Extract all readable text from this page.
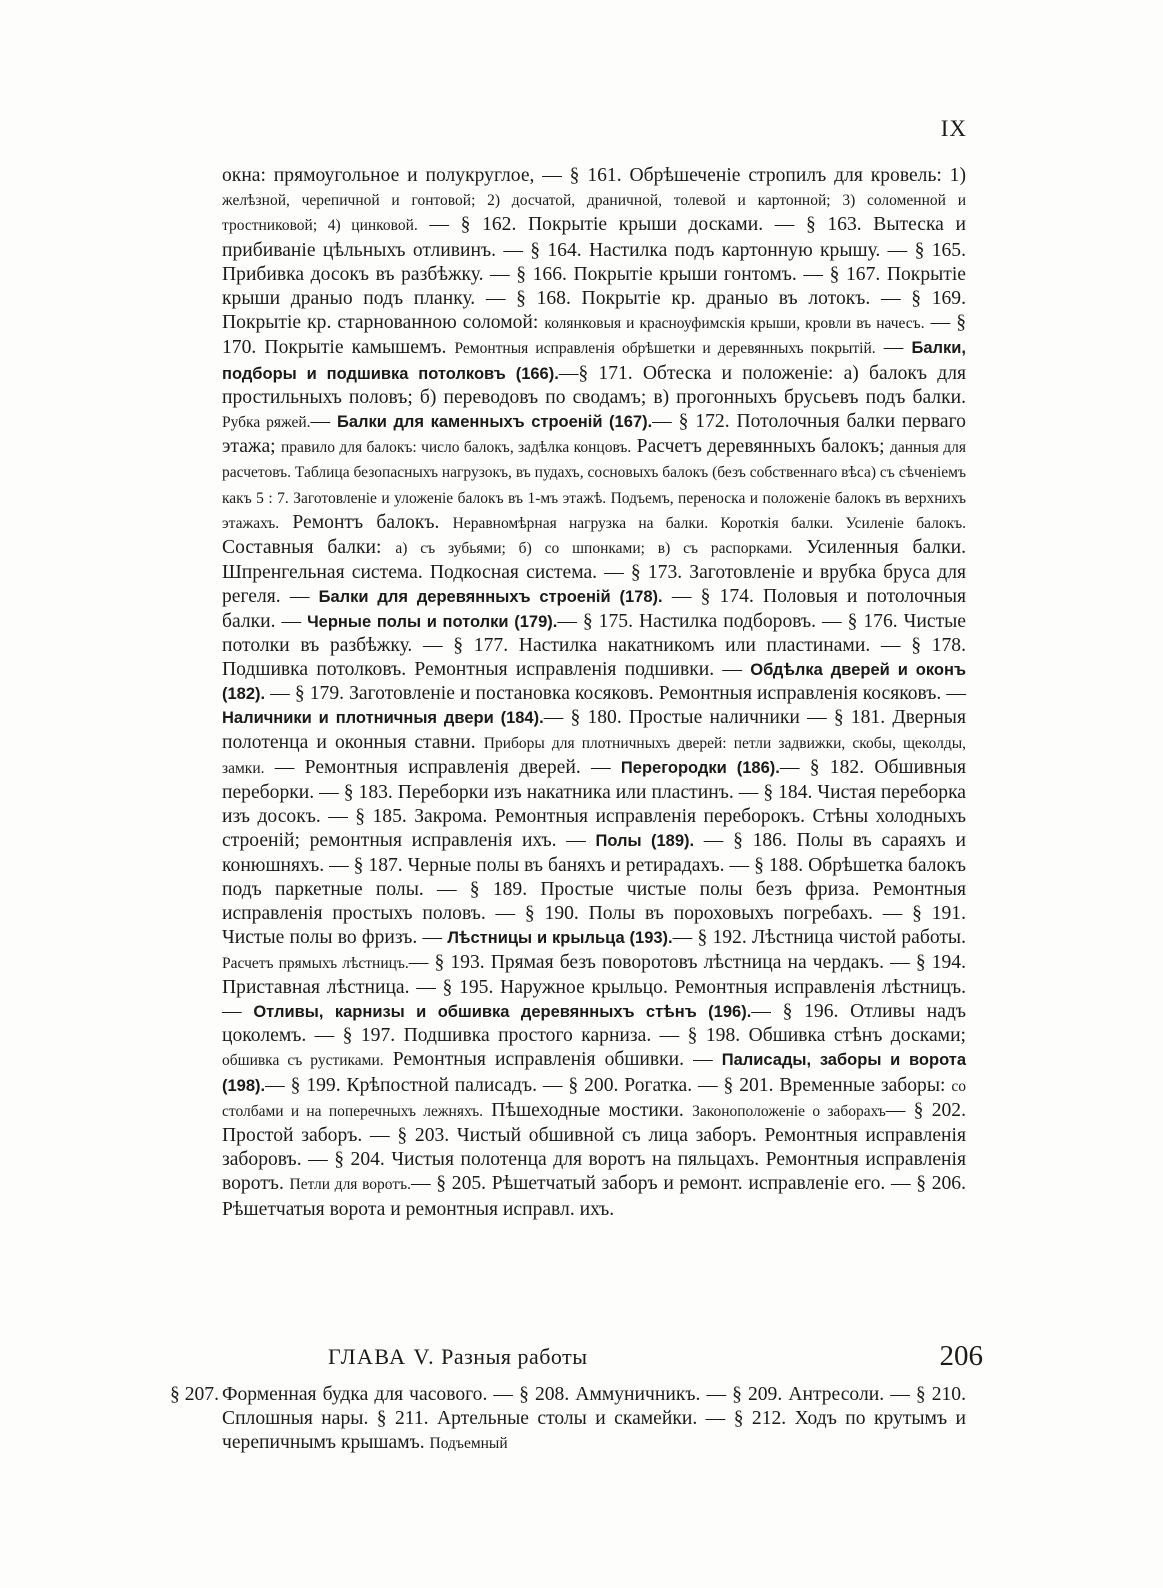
IX
окна: прямоугольное и полукруглое, — § 161. Обрѣшеченіе стропилъ для кровель: 1) желѣзной, черепичной и гонтовой; 2) досчатой, драничной, толевой и картонной; 3) соломенной и тростниковой; 4) цинковой. — § 162. Покрытіе крыши досками. — § 163. Вытеска и прибиваніе цѣльныхъ отливинъ. — § 164. Настилка подъ картонную крышу. — § 165. Прибивка досокъ въ разбѣжку. — § 166. Покрытіе крыши гонтомъ. — § 167. Покрытіе крыши драныо подъ планку. — § 168. Покрытіе кр. драныо въ лотокъ. — § 169. Покрытіе кр. старнованною соломой: колянковыя и красноуфимскія крыши, кровли въ начесъ. — § 170. Покрытіе камышемъ. Ремонтныя исправленія обрѣшетки и деревянныхъ покрытій. — Балки, подборы и подшивка потолковъ (166).—§ 171. Обтеска и положеніе: а) балокъ для простильныхъ половъ; б) переводовъ по сводамъ; в) прогонныхъ брусьевъ подъ балки. Рубка ряжей.— Балки для каменныхъ строеній (167).— § 172. Потолочныя балки перваго этажа; правило для балокъ: число балокъ, задѣлка концовъ. Расчетъ деревянныхъ балокъ; данныя для расчетовъ. Таблица безопасныхъ нагрузокъ, въ пудахъ, сосновыхъ балокъ (безъ собственнаго вѣса) съ сѣченіемъ какъ 5 : 7. Заготовленіе и уложеніе балокъ въ 1-мъ этажѣ. Подъемъ, переноска и положеніе балокъ въ верхнихъ этажахъ. Ремонтъ балокъ. Неравномѣрная нагрузка на балки. Короткія балки. Усиленіе балокъ. Составныя балки: а) съ зубьями; б) со шпонками; в) съ распорками. Усиленныя балки. Шпренгельная система. Подкосная система. — § 173. Заготовленіе и врубка бруса для регеля. — Балки для деревянныхъ строеній (178). — § 174. Половыя и потолочныя балки. — Черные полы и потолки (179).— § 175. Настилка подборовъ. — § 176. Чистые потолки въ разбѣжку. — § 177. Настилка накатникомъ или пластинами. — § 178. Подшивка потолковъ. Ремонтныя исправленія подшивки. — Обдѣлка дверей и оконъ (182). — § 179. Заготовленіе и постановка косяковъ. Ремонтныя исправленія косяковъ. — Наличники и плотничныя двери (184).— § 180. Простые наличники — § 181. Дверныя полотенца и оконныя ставни. Приборы для плотничныхъ дверей: петли задвижки, скобы, щеколды, замки. — Ремонтныя исправленія дверей. — Перегородки (186).— § 182. Обшивныя переборки. — § 183. Переборки изъ накатника или пластинъ. — § 184. Чистая переборка изъ досокъ. — § 185. Закрома. Ремонтныя исправленія переборокъ. Стѣны холодныхъ строеній; ремонтныя исправленія ихъ. — Полы (189). — § 186. Полы въ сараяхъ и конюшняхъ. — § 187. Черные полы въ баняхъ и ретирадахъ. — § 188. Обрѣшетка балокъ подъ паркетные полы. — § 189. Простые чистые полы безъ фриза. Ремонтныя исправленія простыхъ половъ. — § 190. Полы въ пороховыхъ погребахъ. — § 191. Чистые полы во фризъ. — Лѣстницы и крыльца (193).— § 192. Лѣстница чистой работы. Расчетъ прямыхъ лѣстницъ.— § 193. Прямая безъ поворотовъ лѣстница на чердакъ. — § 194. Приставная лѣстница. — § 195. Наружное крыльцо. Ремонтныя исправленія лѣстницъ. — Отливы, карнизы и обшивка деревянныхъ стѣнъ (196).— § 196. Отливы надъ цоколемъ. — § 197. Подшивка простого карниза. — § 198. Обшивка стѣнъ досками; обшивка съ рустиками. Ремонтныя исправленія обшивки. — Палисады, заборы и ворота (198).— § 199. Крѣпостной палисадъ. — § 200. Рогатка. — § 201. Временные заборы: со столбами и на поперечныхъ лежняхъ. Пѣшеходные мостики. Законоположеніе о заборахъ— § 202. Простой заборъ. — § 203. Чистый обшивной съ лица заборъ. Ремонтныя исправленія заборовъ. — § 204. Чистыя полотенца для воротъ на пяльцахъ. Ремонтныя исправленія воротъ. Петли для воротъ.— § 205. Рѣшетчатый заборъ и ремонт. исправленіе его. — § 206. Рѣшетчатыя ворота и ремонтныя исправл. ихъ.
ГЛАВА V. Разныя работы	206
§ 207. Форменная будка для часового. — § 208. Аммуничникъ. — § 209. Антресоли. — § 210. Сплошныя нары. § 211. Артельные столы и скамейки. — § 212. Ходъ по крутымъ и черепичнымъ крышамъ. Подъемный
